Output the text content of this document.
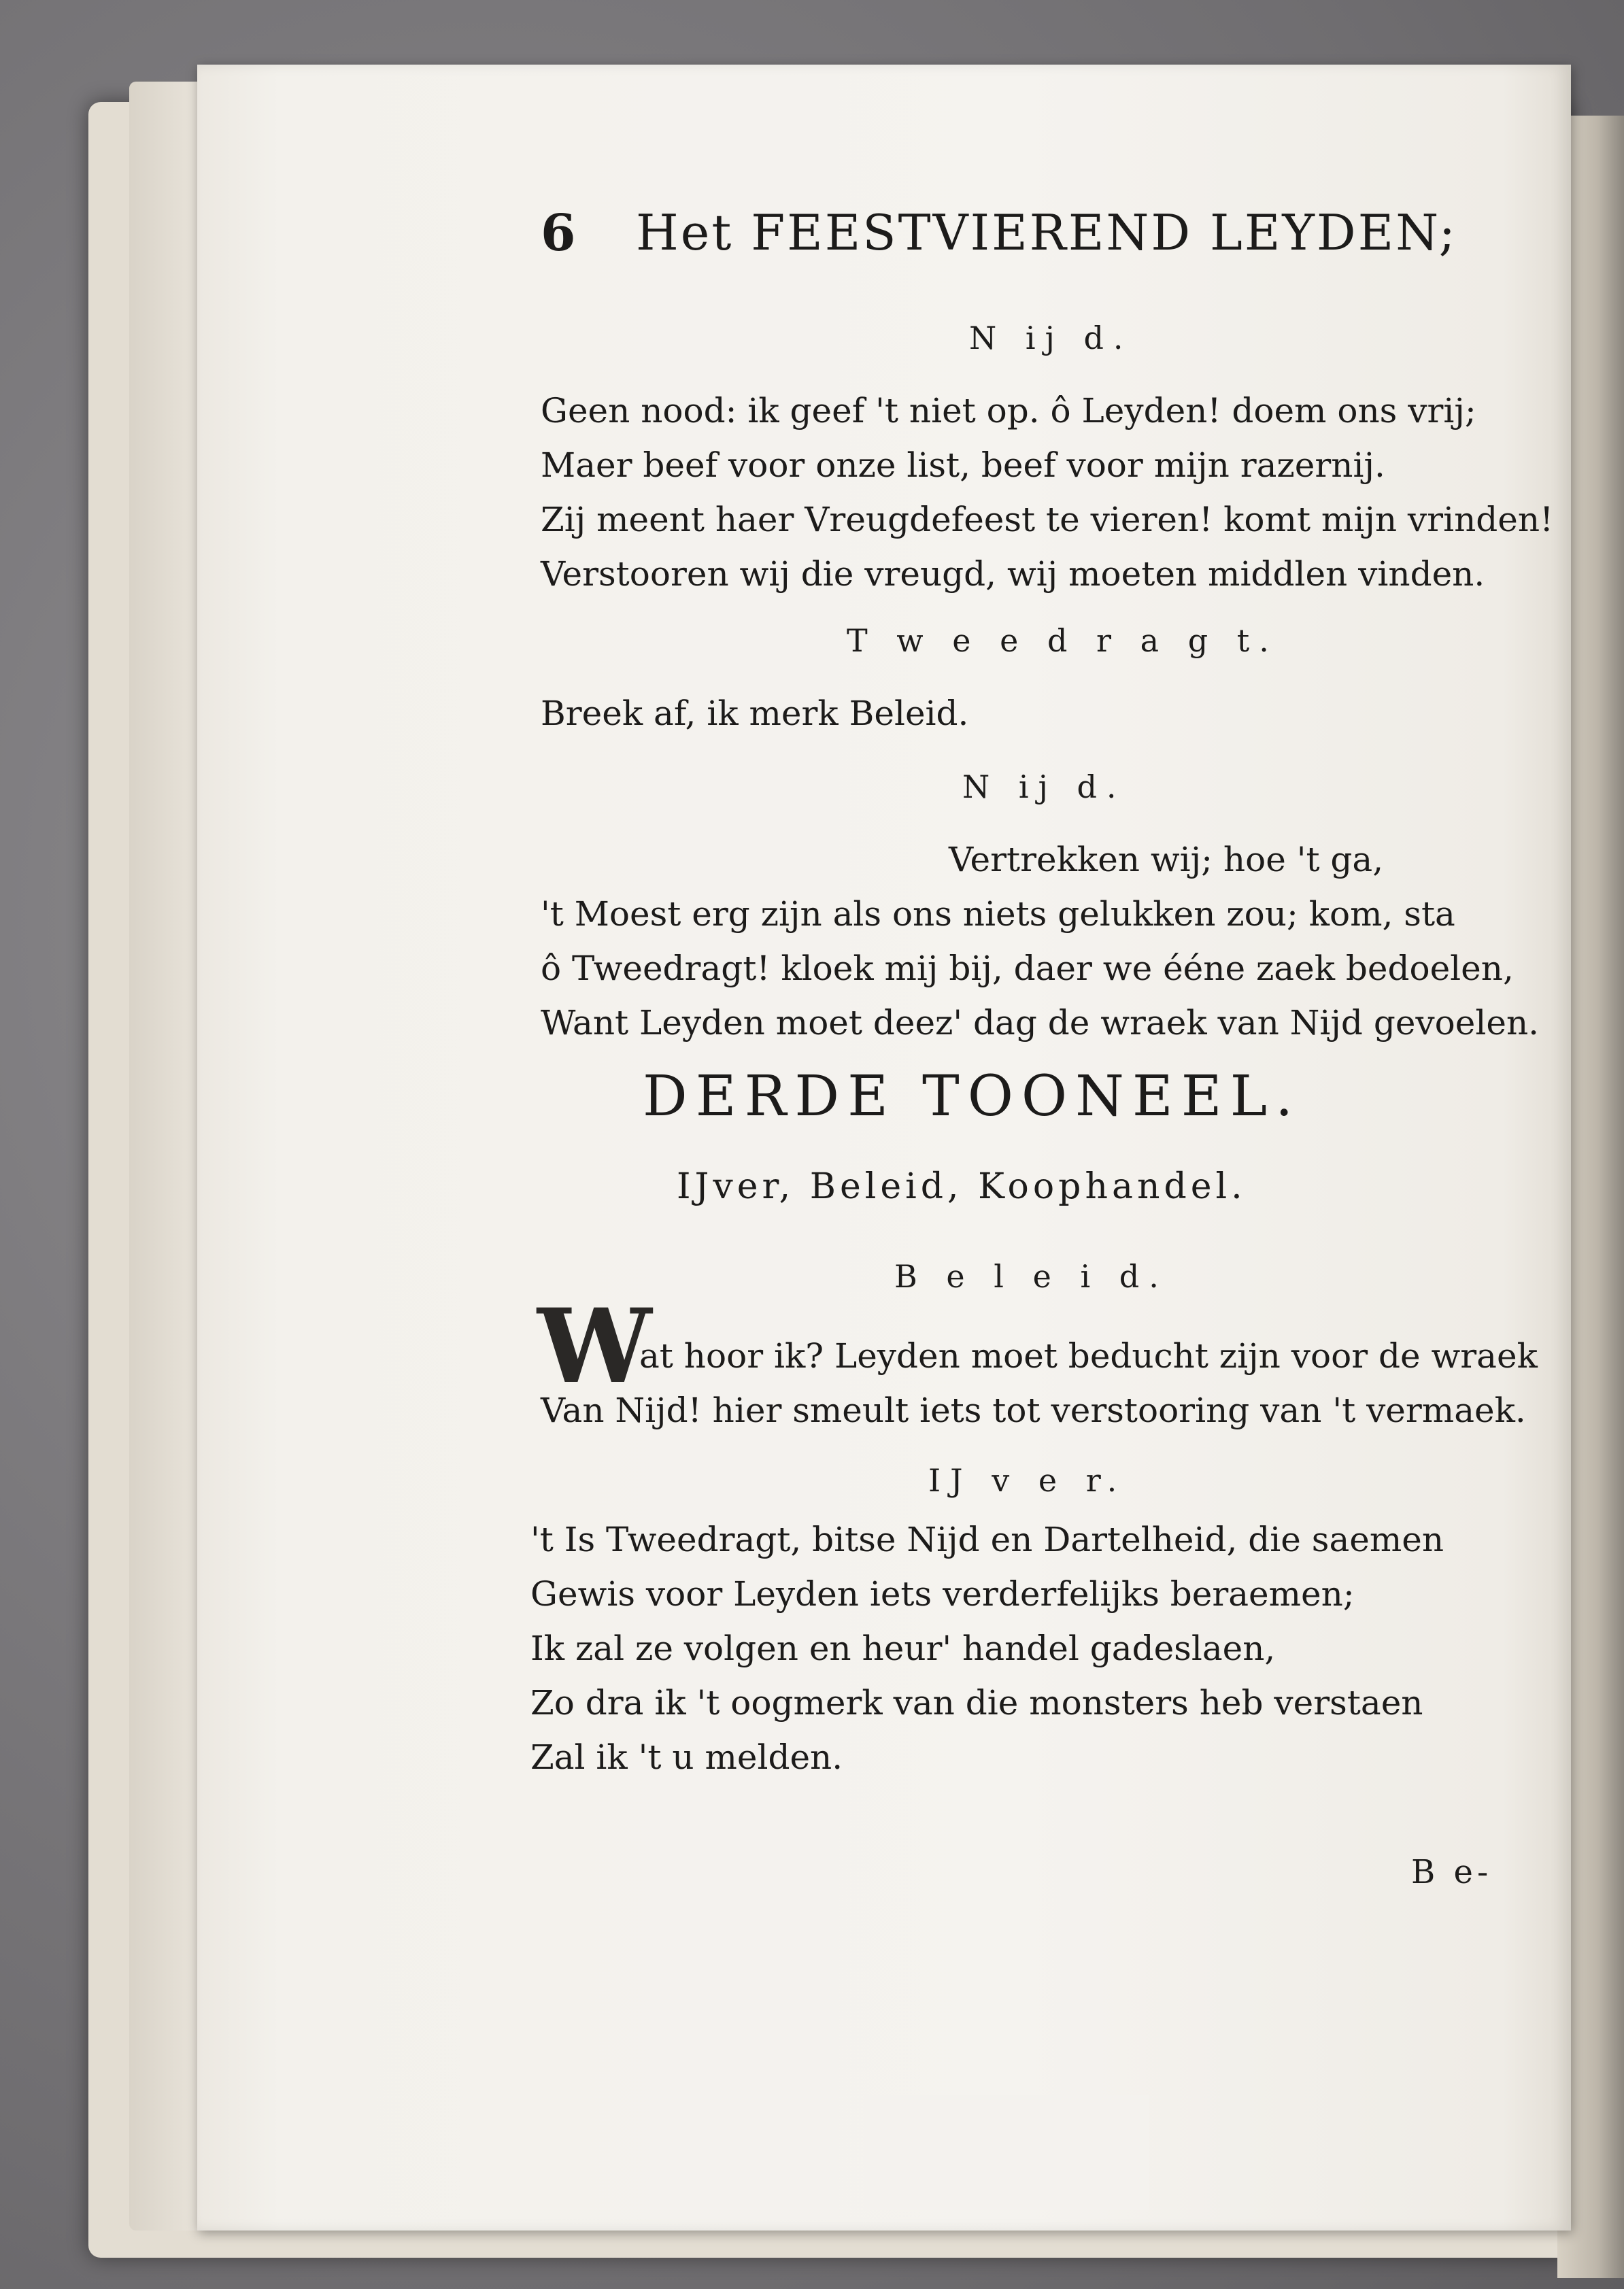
6 Het FEESTVIEREND LEYDEN;
N ij d.
Geen nood: ik geef 't niet op. ô Leyden! doem ons vrij;
Maer beef voor onze list, beef voor mijn razernij.
Zij meent haer Vreugdefeest te vieren! komt mijn vrinden!
Verstooren wij die vreugd, wij moeten middlen vinden.
T w e e d r a g t.
Breek af, ik merk Beleid.
N ij d.
Vertrekken wij; hoe 't ga,
't Moest erg zijn als ons niets gelukken zou; kom, sta
ô Tweedragt! kloek mij bij, daer we ééne zaek bedoelen,
Want Leyden moet deez' dag de wraek van Nijd gevoelen.
DERDE TOONEEL.
IJver, Beleid, Koophandel.
B e l e i d.
W
at hoor ik? Leyden moet beducht zijn voor de wraek
Van Nijd! hier smeult iets tot verstooring van 't vermaek.
IJ v e r.
't Is Tweedragt, bitse Nijd en Dartelheid, die saemen
Gewis voor Leyden iets verderfelijks beraemen;
Ik zal ze volgen en heur' handel gadeslaen,
Zo dra ik 't oogmerk van die monsters heb verstaen
Zal ik 't u melden.
B e-
